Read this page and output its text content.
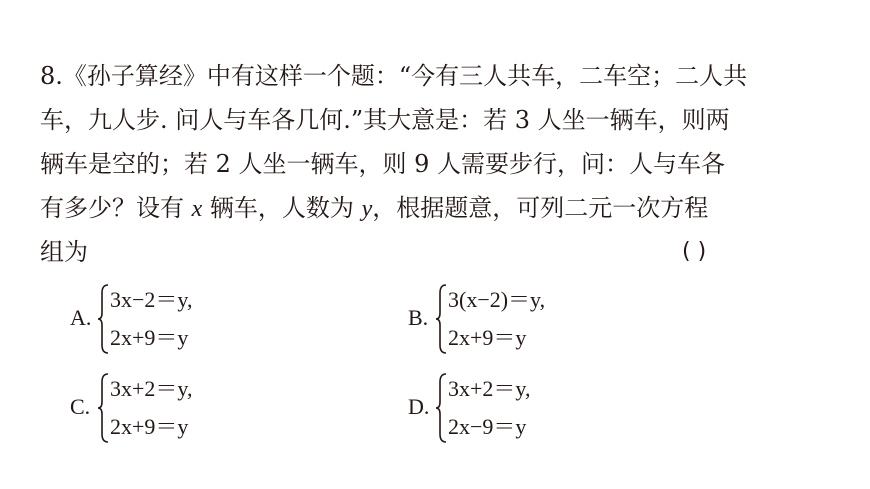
8.《孙子算经》中有这样一个题：“今有三人共车，二车空；二人共
车，九人步. 问人与车各几何.”其大意是：若 3 人坐一辆车，则两
辆车是空的；若 2 人坐一辆车，则 9 人需要步行，问：人与车各
有多少？设有 x 辆车，人数为 y，根据题意，可列二元一次方程
组为	( )
A.
3x−2＝y,
2x+9＝y
B.
3(x−2)＝y,
2x+9＝y
C.
3x+2＝y,
2x+9＝y
D.
3x+2＝y,
2x−9＝y
